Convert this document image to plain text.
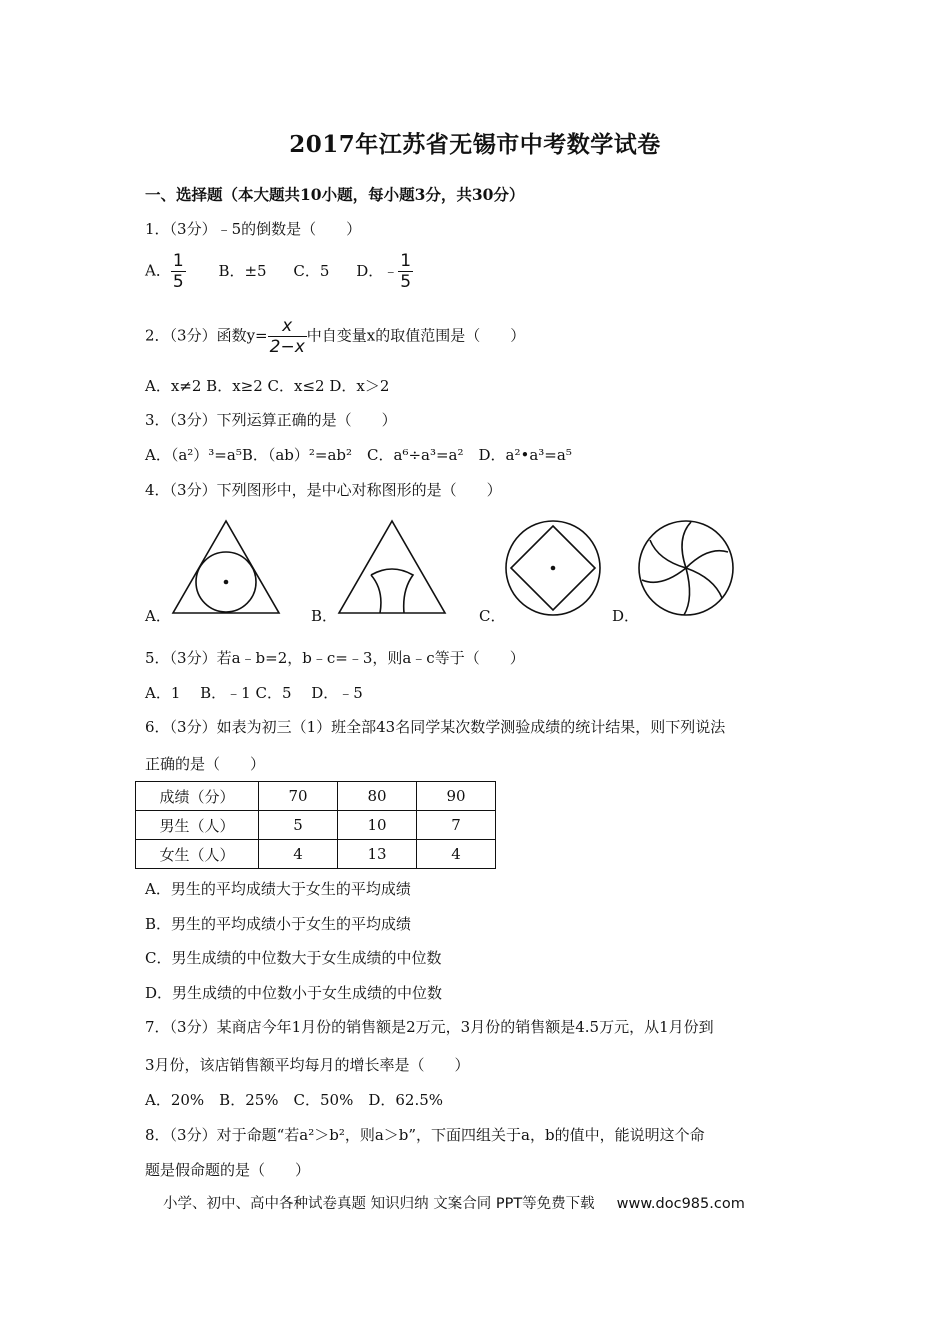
2017年江苏省无锡市中考数学试卷
一、选择题（本大题共10小题，每小题3分，共30分）
1．（3分）﹣5的倒数是（　　）
A． $\frac{1}{5}$ B．±5 C．5 D．﹣ $\frac{1}{5}$
2．（3分）函数$y= \frac{x}{2-x}$ 中自变量x的取值范围是（　　）
A．x≠2 B．x≥2 C．x≤2 D．x＞2
3．（3分）下列运算正确的是（　　）
A．（a²）³=a⁵B．（ab）²=ab²　C．a⁶÷a³=a²　D．a²•a³=a⁵
4．（3分）下列图形中，是中心对称图形的是（　　）
A．	B．	C．	D．
5．（3分）若a﹣b=2，b﹣c=﹣3，则a﹣c等于（　　）
A．1　 B．﹣1 C．5　 D．﹣5
6．（3分）如表为初三（1）班全部43名同学某次数学测验成绩的统计结果，则下列说法
正确的是（　　）
成绩（分）	70	80	90
男生（人）	5	10	7
女生（人）	4	13	4
A．男生的平均成绩大于女生的平均成绩
B．男生的平均成绩小于女生的平均成绩
C．男生成绩的中位数大于女生成绩的中位数
D．男生成绩的中位数小于女生成绩的中位数
7．（3分）某商店今年1月份的销售额是2万元，3月份的销售额是4.5万元，从1月份到
3月份，该店销售额平均每月的增长率是（　　）
A．20%　B．25%　C．50%　D．62.5%
8．（3分）对于命题“若a²＞b²，则a＞b”，下面四组关于a，b的值中，能说明这个命
题是假命题的是（　　）
小学、初中、高中各种试卷真题 知识归纳 文案合同 PPT等免费下载 www.doc985.com
